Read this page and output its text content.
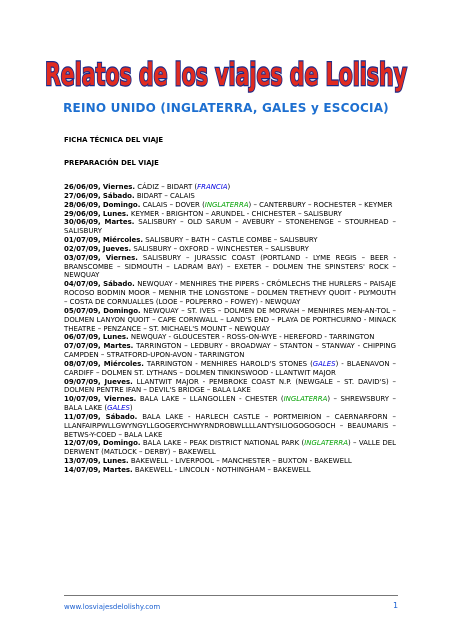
Relatos de los viajes de Lolishy
REINO UNIDO (INGLATERRA, GALES y ESCOCIA)
FICHA TÉCNICA DEL VIAJE
PREPARACIÓN DEL VIAJE
26/06/09, Viernes. CÁDIZ – BIDART (FRANCIA)
27/06/09, Sábado. BIDART – CALAIS
28/06/09, Domingo. CALAIS – DOVER (INGLATERRA) – CANTERBURY – ROCHESTER – KEYMER
29/06/09, Lunes. KEYMER - BRIGHTON – ARUNDEL - CHICHESTER – SALISBURY
30/06/09, Martes. SALISBURY – OLD SARUM – AVEBURY – STONEHENGE – STOURHEAD – SALISBURY
01/07/09, Miércoles. SALISBURY – BATH – CASTLE COMBE – SALISBURY
02/07/09, Jueves. SALISBURY – OXFORD – WINCHESTER – SALISBURY
03/07/09, Viernes. SALISBURY – JURASSIC COAST (PORTLAND - LYME REGIS – BEER - BRANSCOMBE – SIDMOUTH – LADRAM BAY) – EXETER – DOLMEN THE SPINSTERS' ROCK – NEWQUAY
04/07/09, Sábado. NEWQUAY - MENHIRES THE PIPERS - CRÓMLECHS THE HURLERS – PAISAJE ROCOSO BODMIN MOOR – MENHIR THE LONGSTONE – DOLMEN TRETHEVY QUOIT - PLYMOUTH – COSTA DE CORNUALLES (LOOE – POLPERRO – FOWEY) - NEWQUAY
05/07/09, Domingo. NEWQUAY – ST. IVES – DOLMEN DE MORVAH – MENHIRES MEN-AN-TOL – DOLMEN LANYON QUOIT – CAPE CORNWALL – LAND'S END – PLAYA DE PORTHCURNO - MINACK THEATRE – PENZANCE – ST. MICHAEL'S MOUNT – NEWQUAY
06/07/09, Lunes. NEWQUAY - GLOUCESTER - ROSS-ON-WYE - HEREFORD - TARRINGTON
07/07/09, Martes. TARRINGTON – LEDBURY - BROADWAY – STANTON – STANWAY - CHIPPING CAMPDEN – STRATFORD-UPON-AVON - TARRINGTON
08/07/09, Miércoles. TARRINGTON - MENHIRES HAROLD'S STONES (GALES) - BLAENAVON – CARDIFF – DOLMEN ST. LYTHANS – DOLMEN TINKINSWOOD - LLANTWIT MAJOR
09/07/09, Jueves. LLANTWIT MAJOR - PEMBROKE COAST N.P. (NEWGALE – ST. DAVID'S) – DOLMEN PENTRE IFAN – DEVIL'S BRIDGE – BALA LAKE
10/07/09, Viernes. BALA LAKE – LLANGOLLEN - CHESTER (INGLATERRA) – SHREWSBURY – BALA LAKE (GALES)
11/07/09, Sábado. BALA LAKE - HARLECH CASTLE – PORTMEIRION – CAERNARFORN – LLANFAIRPWLLGWYNGYLLGOGERYCHWYRNDROBWLLLLANTYSILIOGOGOGOCH – BEAUMARIS – BETWS-Y-COED – BALA LAKE
12/07/09, Domingo. BALA LAKE – PEAK DISTRICT NATIONAL PARK (INGLATERRA) – VALLE DEL DERWENT (MATLOCK – DERBY) – BAKEWELL
13/07/09, Lunes. BAKEWELL - LIVERPOOL – MANCHESTER – BUXTON - BAKEWELL
14/07/09, Martes. BAKEWELL - LINCOLN - NOTHINGHAM – BAKEWELL
www.losviajesdelolishy.com	1
